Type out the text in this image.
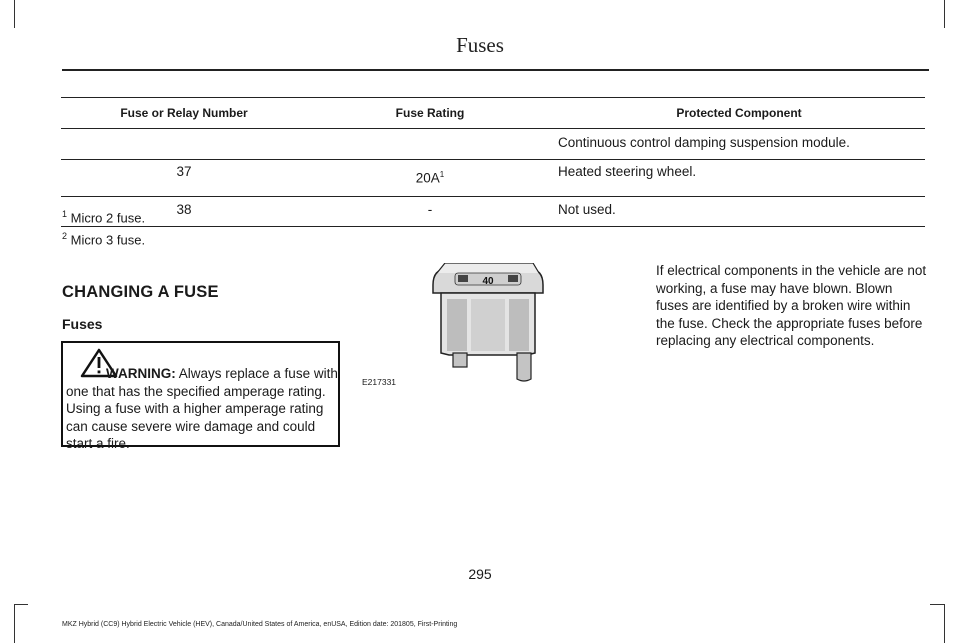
Fuses
Fuse or Relay Number	Fuse Rating	Protected Component
		Continuous control damping suspension module.
37	$20A^1$	Heated steering wheel.
38	-	Not used.
$^1$ Micro 2 fuse.
$^2$ Micro 3 fuse.
CHANGING A FUSE
Fuses
WARNING: Always replace a fuse with one that has the specified amperage rating. Using a fuse with a higher amperage rating can cause severe wire damage and could start a fire.
40
E217331
If electrical components in the vehicle are not working, a fuse may have blown. Blown fuses are identified by a broken wire within the fuse. Check the appropriate fuses before replacing any electrical components.
295
MKZ Hybrid (CC9) Hybrid Electric Vehicle (HEV), Canada/United States of America, enUSA, Edition date: 201805, First-Printing
